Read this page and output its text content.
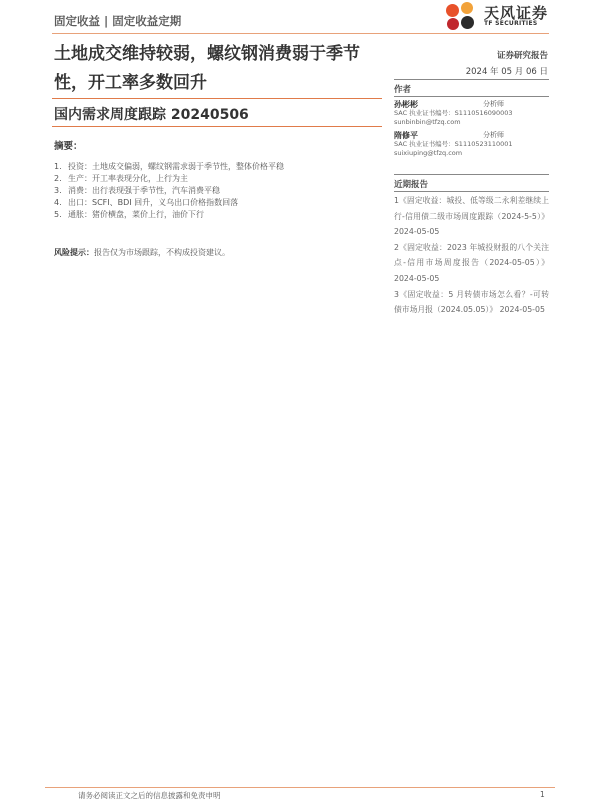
固定收益 | 固定收益定期	天风证券
TF SECURITIES
土地成交维持较弱，螺纹钢消费弱于季节性，开工率多数回升
国内需求周度跟踪 20240506
摘要：
1. 投资：土地成交偏弱，螺纹钢需求弱于季节性，整体价格平稳
2. 生产：开工率表现分化，上行为主
3. 消费：出行表现强于季节性，汽车消费平稳
4. 出口：SCFI、BDI 回升，义乌出口价格指数回落
5. 通胀：猪价横盘，菜价上行，油价下行
风险提示：报告仅为市场跟踪，不构成投资建议。
证券研究报告
2024 年 05 月 06 日
作者
孙彬彬	分析师
SAC 执业证书编号：S1110516090003
sunbinbin@tfzq.com
隋修平	分析师
SAC 执业证书编号：S1110523110001
suixiuping@tfzq.com
近期报告
1《固定收益：城投、低等级二永利差继续上行-信用债二级市场周度跟踪（2024-5-5）》 2024-05-05
2《固定收益：2023 年城投财报的八个关注点-信用市场周度报告（2024-05-05）》 2024-05-05
3《固定收益：5 月转债市场怎么看？-可转债市场月报（2024.05.05）》 2024-05-05
请务必阅读正文之后的信息披露和免责申明	1
